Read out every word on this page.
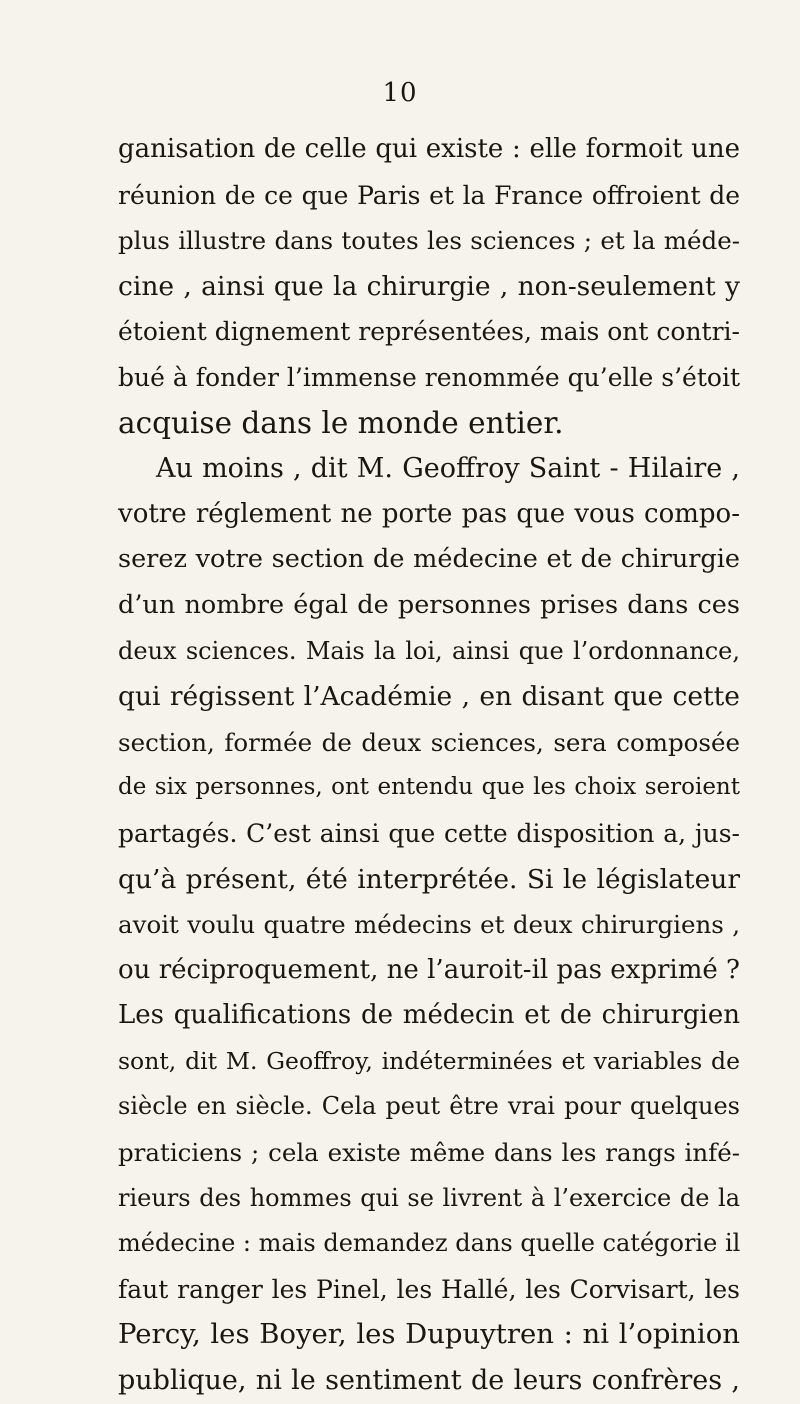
10
ganisation de celle qui existe : elle formoit une
réunion de ce que Paris et la France offroient de
plus illustre dans toutes les sciences ; et la méde-
cine , ainsi que la chirurgie , non-seulement y
étoient dignement représentées, mais ont contri-
bué à fonder l’immense renommée qu’elle s’étoit
acquise dans le monde entier.
Au moins , dit M. Geoffroy Saint - Hilaire ,
votre réglement ne porte pas que vous compo-
serez votre section de médecine et de chirurgie
d’un nombre égal de personnes prises dans ces
deux sciences. Mais la loi, ainsi que l’ordonnance,
qui régissent l’Académie , en disant que cette
section, formée de deux sciences, sera composée
de six personnes, ont entendu que les choix seroient
partagés. C’est ainsi que cette disposition a, jus-
qu’à présent, été interprétée. Si le législateur
avoit voulu quatre médecins et deux chirurgiens ,
ou réciproquement, ne l’auroit-il pas exprimé ?
Les qualifications de médecin et de chirurgien
sont, dit M. Geoffroy, indéterminées et variables de
siècle en siècle. Cela peut être vrai pour quelques
praticiens ; cela existe même dans les rangs infé-
rieurs des hommes qui se livrent à l’exercice de la
médecine : mais demandez dans quelle catégorie il
faut ranger les Pinel, les Hallé, les Corvisart, les
Percy, les Boyer, les Dupuytren : ni l’opinion
publique, ni le sentiment de leurs confrères ,
